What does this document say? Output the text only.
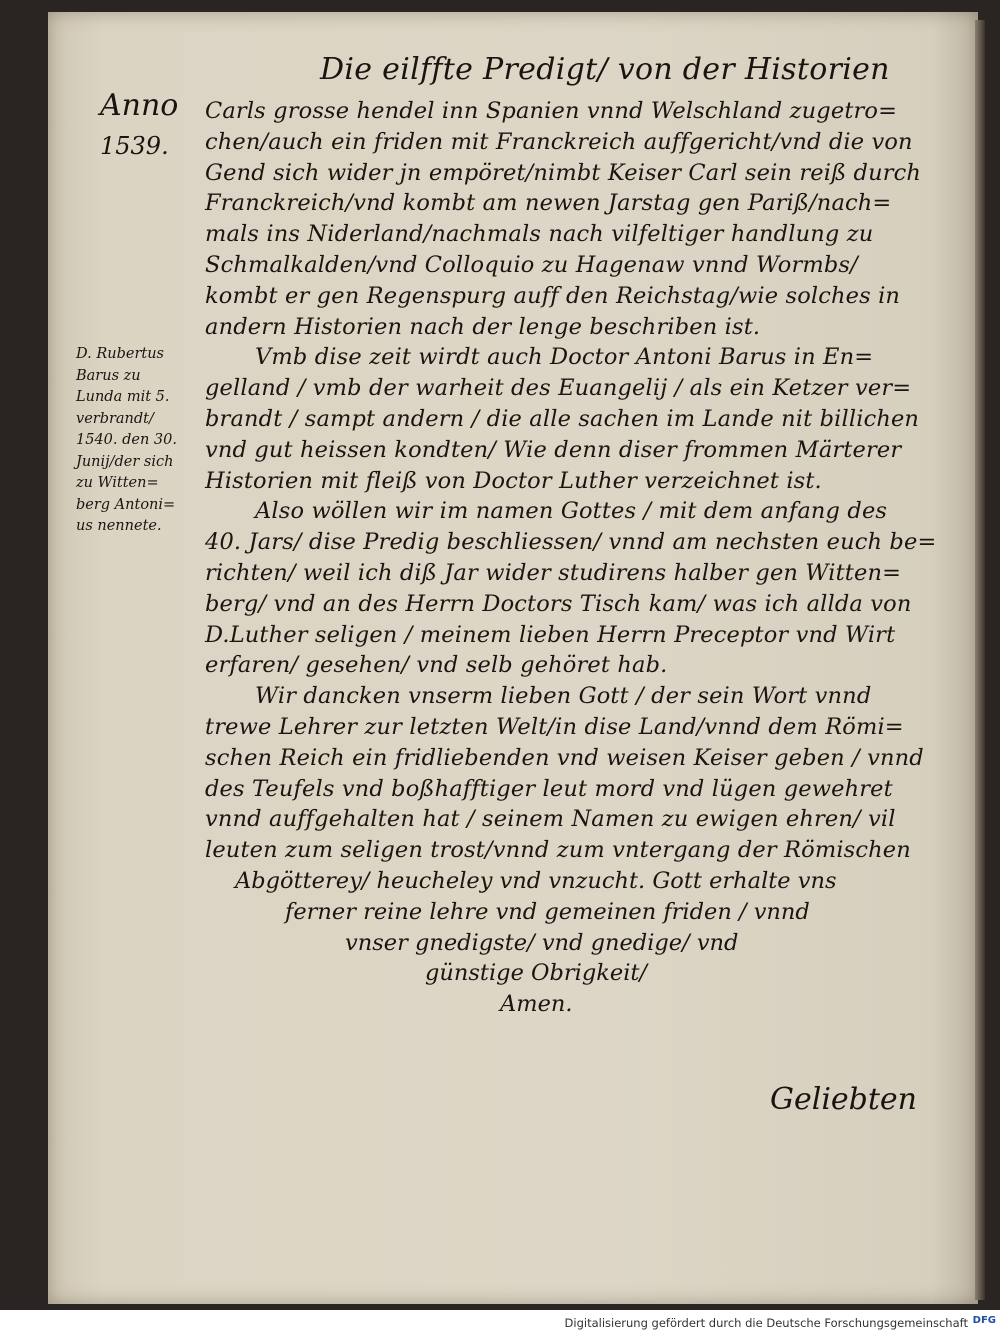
Die eilffte Predigt/ von der Historien
Anno
1539.
D. Rubertus
Barus zu
Lunda mit 5.
verbrandt/
1540. den 30.
Junij/der sich
zu Witten=
berg Antoni=
us nennete.
Carls grosse hendel inn Spanien vnnd Welschland zugetro=
chen/auch ein friden mit Franckreich auffgericht/vnd die von
Gend sich wider jn empöret/nimbt Keiser Carl sein reiß durch
Franckreich/vnd kombt am newen Jarstag gen Pariß/nach=
mals ins Niderland/nachmals nach vilfeltiger handlung zu
Schmalkalden/vnd Colloquio zu Hagenaw vnnd Wormbs/
kombt er gen Regenspurg auff den Reichstag/wie solches in
andern Historien nach der lenge beschriben ist.
Vmb dise zeit wirdt auch Doctor Antoni Barus in En=
gelland / vmb der warheit des Euangelij / als ein Ketzer ver=
brandt / sampt andern / die alle sachen im Lande nit billichen
vnd gut heissen kondten/ Wie denn diser frommen Märterer
Historien mit fleiß von Doctor Luther verzeichnet ist.
Also wöllen wir im namen Gottes / mit dem anfang des
40. Jars/ dise Predig beschliessen/ vnnd am nechsten euch be=
richten/ weil ich diß Jar wider studirens halber gen Witten=
berg/ vnd an des Herrn Doctors Tisch kam/ was ich allda von
D.Luther seligen / meinem lieben Herrn Preceptor vnd Wirt
erfaren/ gesehen/ vnd selb gehöret hab.
Wir dancken vnserm lieben Gott / der sein Wort vnnd
trewe Lehrer zur letzten Welt/in dise Land/vnnd dem Römi=
schen Reich ein fridliebenden vnd weisen Keiser geben / vnnd
des Teufels vnd boßhafftiger leut mord vnd lügen gewehret
vnnd auffgehalten hat / seinem Namen zu ewigen ehren/ vil
leuten zum seligen trost/vnnd zum vntergang der Römischen
Abgötterey/ heucheley vnd vnzucht. Gott erhalte vns
ferner reine lehre vnd gemeinen friden / vnnd
vnser gnedigste/ vnd gnedige/ vnd
günstige Obrigkeit/
Amen.
Geliebten
Digitalisierung gefördert durch die Deutsche Forschungsgemeinschaft DFG
